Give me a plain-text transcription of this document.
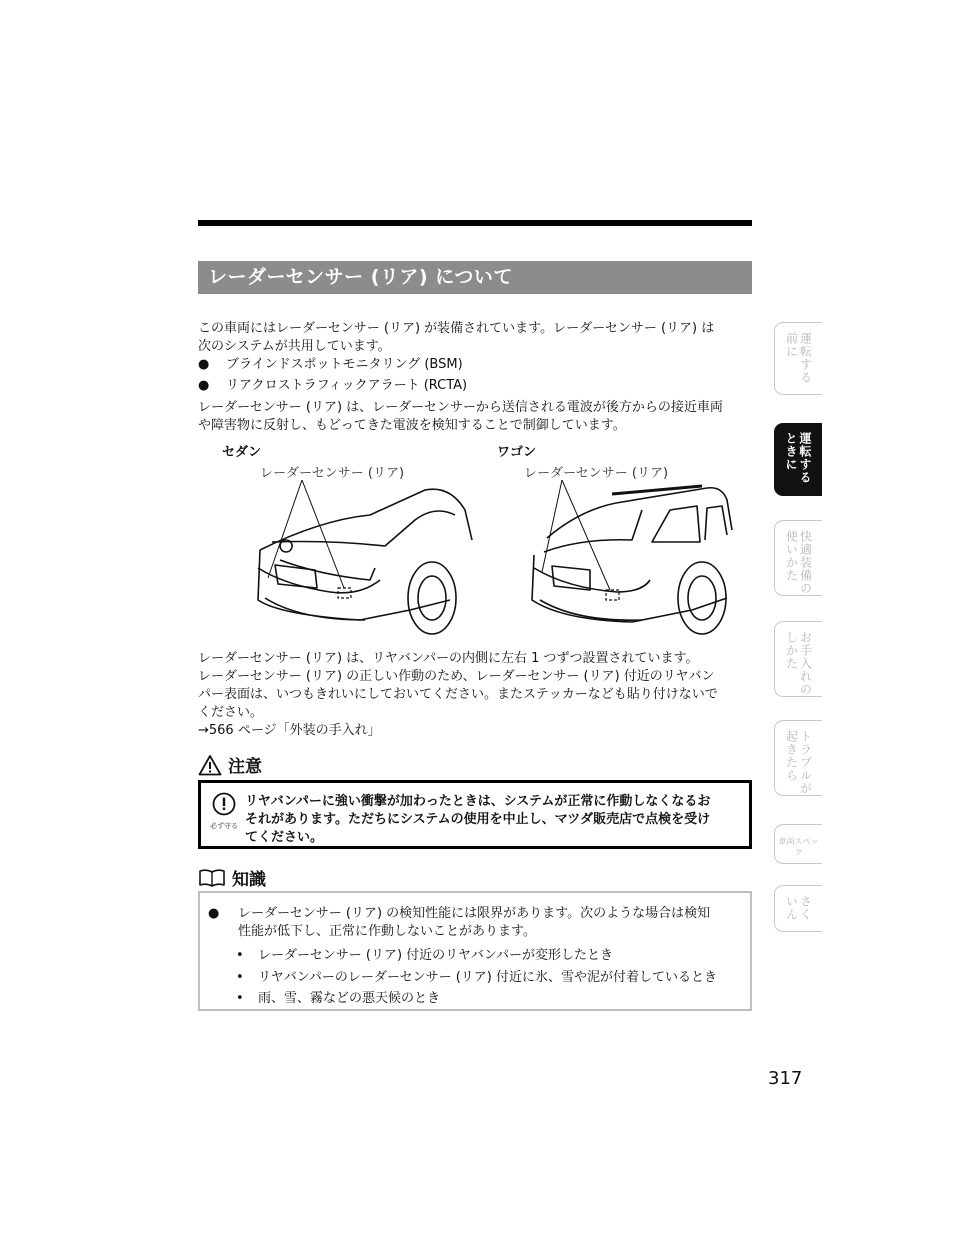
レーダーセンサー (リア) について

この車両にはレーダーセンサー (リア) が装備されています。レーダーセンサー (リア) は
次のシステムが共用しています。

● ブラインドスポットモニタリング (BSM)
● リアクロストラフィックアラート (RCTA)

レーダーセンサー (リア) は、レーダーセンサーから送信される電波が後方からの接近車両
や障害物に反射し、もどってきた電波を検知することで制御しています。

セダン
レーダーセンサー (リア)
ワゴン
レーダーセンサー (リア)

レーダーセンサー (リア) は、リヤバンパーの内側に左右 1 つずつ設置されています。
レーダーセンサー (リア) の正しい作動のため、レーダーセンサー (リア) 付近のリヤバン
パー表面は、いつもきれいにしておいてください。またステッカーなども貼り付けないで
ください。
→566 ページ「外装の手入れ」

注意
必ず守る
リヤバンパーに強い衝撃が加わったときは、システムが正常に作動しなくなるお
それがあります。ただちにシステムの使用を中止し、マツダ販売店で点検を受け
てください。
知識
●	レーダーセンサー (リア) の検知性能には限界があります。次のような場合は検知
性能が低下し、正常に作動しないことがあります。
• レーダーセンサー (リア) 付近のリヤバンパーが変形したとき
• リヤバンパーのレーダーセンサー (リア) 付近に氷、雪や泥が付着しているとき
• 雨、雪、霧などの悪天候のとき
317
運転する前に
運転するときに
快適装備の使いかた
お手入れのしかた
トラブルが起きたら
車両スペック
さくいん
